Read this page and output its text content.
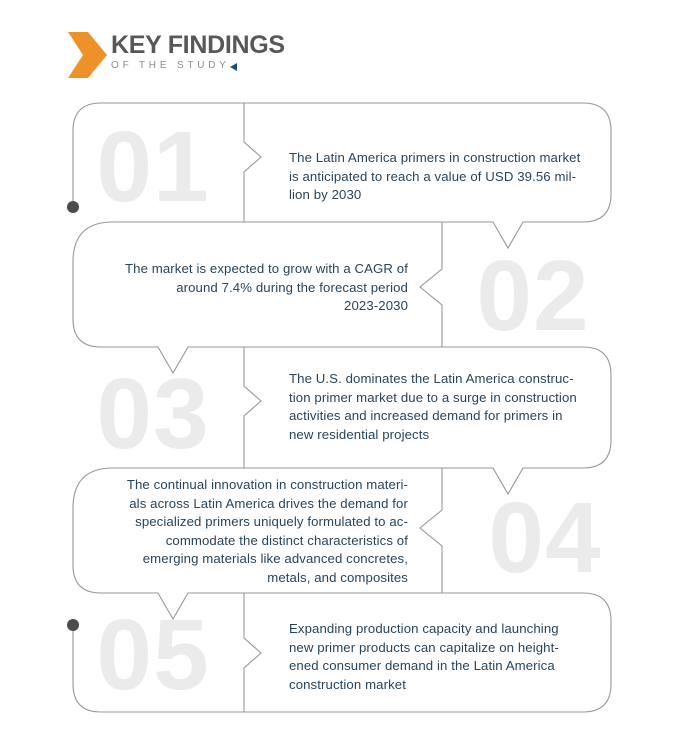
KEY FINDINGS
OF THE STUDY
01
02
03
04
05
The Latin America primers in construction market
is anticipated to reach a value of USD 39.56 mil-
lion by 2030
The market is expected to grow with a CAGR of
around 7.4% during the forecast period
2023-2030
The U.S. dominates the Latin America construc-
tion primer market due to a surge in construction
activities and increased demand for primers in
new residential projects
The continual innovation in construction materi-
als across Latin America drives the demand for
specialized primers uniquely formulated to ac-
commodate the distinct characteristics of
emerging materials like advanced concretes,
metals, and composites
Expanding production capacity and launching
new primer products can capitalize on height-
ened consumer demand in the Latin America
construction market
